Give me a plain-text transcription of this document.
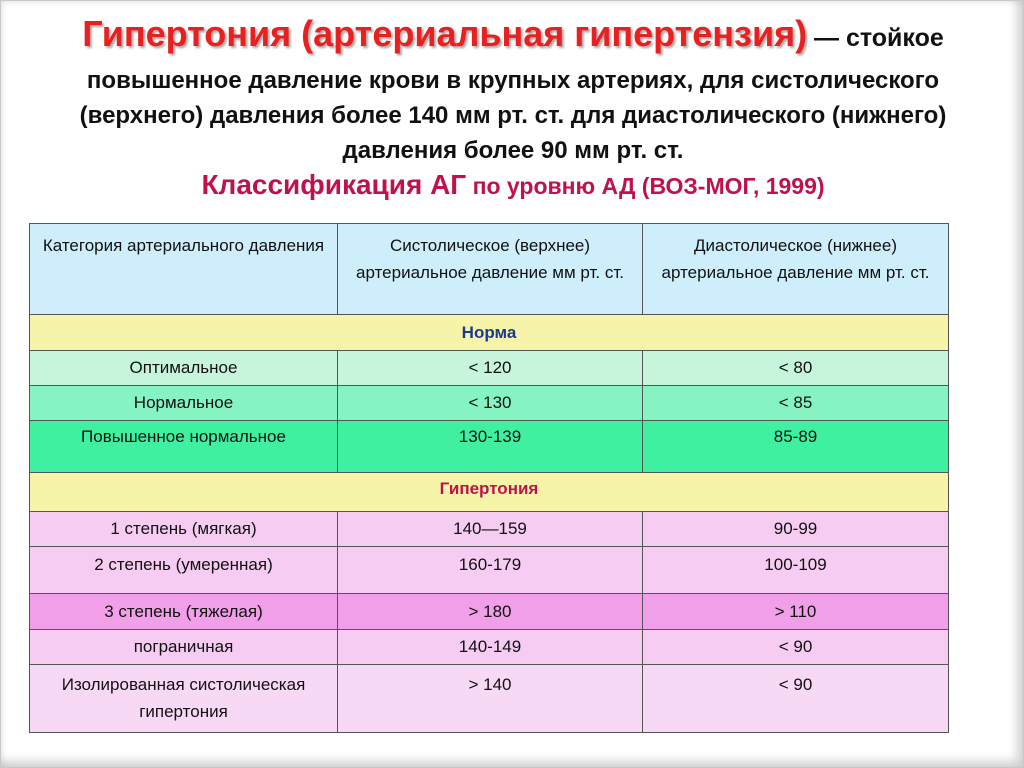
Гипертония (артериальная гипертензия) — стойкое
повышенное давление крови в крупных артериях, для систолического (верхнего) давления более 140 мм рт. ст. для диастолического (нижнего) давления более 90 мм рт. ст.
Классификация АГ по уровню АД (ВОЗ-МОГ, 1999)
Категория артериального давления	Систолическое (верхнее) артериальное давление мм рт. ст.	Диастолическое (нижнее) артериальное давление мм рт. ст.
Норма		
Оптимальное	< 120	< 80
Нормальное	< 130	< 85
Повышенное нормальное	130-139	85-89
Гипертония		
1 степень (мягкая)	140—159	90-99
2 степень (умеренная)	160-179	100-109
3 степень (тяжелая)	> 180	> 110
пограничная	140-149	< 90
Изолированная систолическая гипертония	> 140	< 90
